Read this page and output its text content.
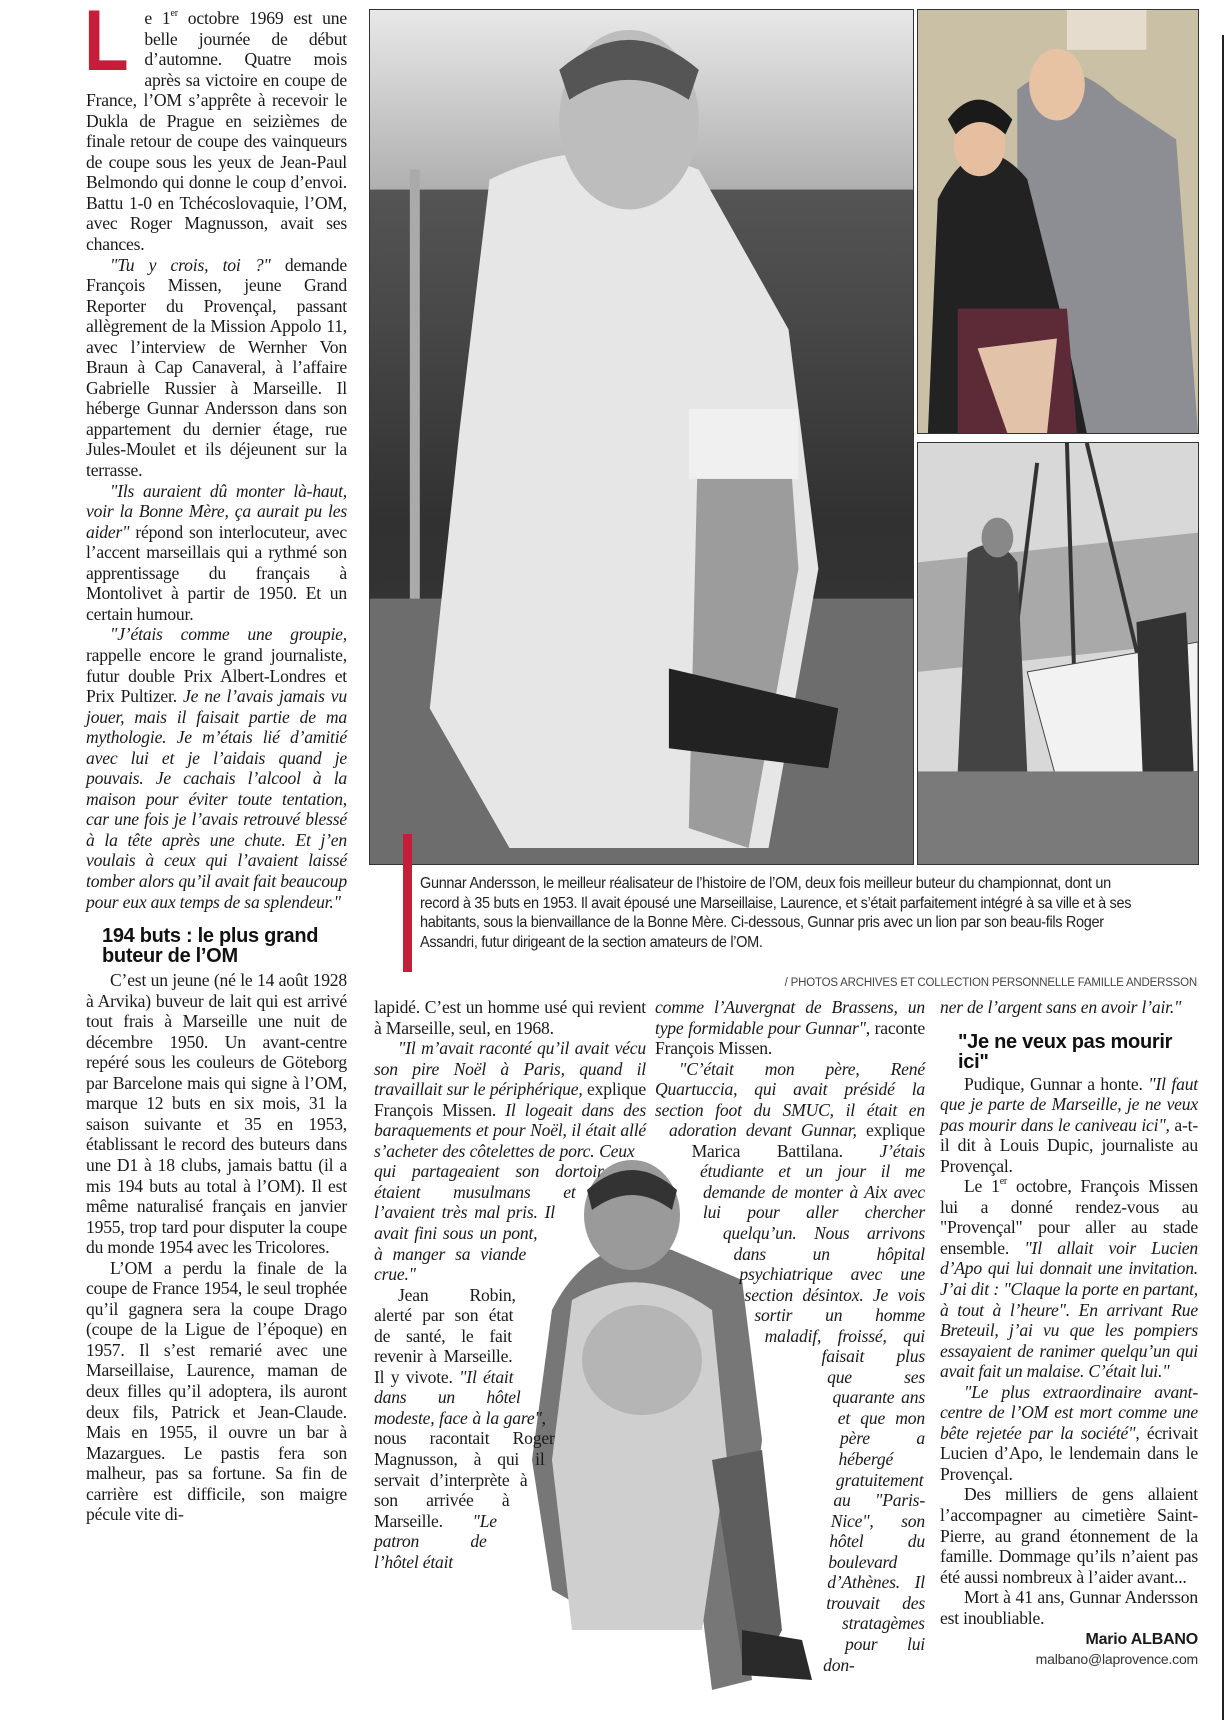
Le 1er octobre 1969 est une belle journée de début d’automne. Quatre mois après sa victoire en coupe de France, l’OM s’apprête à recevoir le Dukla de Prague en seizièmes de finale retour de coupe des vainqueurs de coupe sous les yeux de Jean-Paul Belmondo qui donne le coup d’envoi. Battu 1-0 en Tchécoslovaquie, l’OM, avec Roger Magnusson, avait ses chances.

"Tu y crois, toi ?" demande François Missen, jeune Grand Reporter du Provençal, passant allègrement de la Mission Appolo 11, avec l’interview de Wernher Von Braun à Cap Canaveral, à l’affaire Gabrielle Russier à Marseille. Il héberge Gunnar Andersson dans son appartement du dernier étage, rue Jules-Moulet et ils déjeunent sur la terrasse.

"Ils auraient dû monter là-haut, voir la Bonne Mère, ça aurait pu les aider" répond son interlocuteur, avec l’accent marseillais qui a rythmé son apprentissage du français à Montolivet à partir de 1950. Et un certain humour.

"J’étais comme une groupie, rappelle encore le grand journaliste, futur double Prix Albert-Londres et Prix Pultizer. Je ne l’avais jamais vu jouer, mais il faisait partie de ma mythologie. Je m’étais lié d’amitié avec lui et je l’aidais quand je pouvais. Je cachais l’alcool à la maison pour éviter toute tentation, car une fois je l’avais retrouvé blessé à la tête après une chute. Et j’en voulais à ceux qui l’avaient laissé tomber alors qu’il avait fait beaucoup pour eux aux temps de sa splendeur."

194 buts : le plus grand buteur de l’OM

C’est un jeune (né le 14 août 1928 à Arvika) buveur de lait qui est arrivé tout frais à Marseille une nuit de décembre 1950. Un avant-centre repéré sous les couleurs de Göteborg par Barcelone mais qui signe à l’OM, marque 12 buts en six mois, 31 la saison suivante et 35 en 1953, établissant le record des buteurs dans une D1 à 18 clubs, jamais battu (il a mis 194 buts au total à l’OM). Il est même naturalisé français en janvier 1955, trop tard pour disputer la coupe du monde 1954 avec les Tricolores.

L’OM a perdu la finale de la coupe de France 1954, le seul trophée qu’il gagnera sera la coupe Drago (coupe de la Ligue de l’époque) en 1957. Il s’est remarié avec une Marseillaise, Laurence, maman de deux filles qu’il adoptera, ils auront deux fils, Patrick et Jean-Claude. Mais en 1955, il ouvre un bar à Mazargues. Le pastis fera son malheur, pas sa fortune. Sa fin de carrière est difficile, son maigre pécule vite di-

Gunnar Andersson, le meilleur réalisateur de l’histoire de l’OM, deux fois meilleur buteur du championnat, dont un record à 35 buts en 1953. Il avait épousé une Marseillaise, Laurence, et s’était parfaitement intégré à sa ville et à ses habitants, sous la bienvaillance de la Bonne Mère. Ci-dessous, Gunnar pris avec un lion par son beau-fils Roger Assandri, futur dirigeant de la section amateurs de l’OM.
/ PHOTOS ARCHIVES ET COLLECTION PERSONNELLE FAMILLE ANDERSSON

lapidé. C’est un homme usé qui revient à Marseille, seul, en 1968.

"Il m’avait raconté qu’il avait vécu son pire Noël à Paris, quand il travaillait sur le périphérique, explique François Missen. Il logeait dans des baraquements et pour Noël, il était allé s’acheter des côtelettes de porc. Ceux qui partageaient son dortoir étaient musulmans et l’avaient très mal pris. Il avait fini sous un pont, à manger sa viande crue."

Jean Robin, alerté par son état de santé, le fait revenir à Marseille. Il y vivote. "Il était dans un hôtel modeste, face à la gare", nous racontait Roger Magnusson, à qui il servait d’interprète à son arrivée à Marseille. "Le patron de l’hôtel était

comme l’Auvergnat de Brassens, un type formidable pour Gunnar", raconte François Missen.

"C’était mon père, René Quartuccia, qui avait présidé la section foot du SMUC, il était en adoration devant Gunnar, explique Marica Battilana. J’étais étudiante et un jour il me demande de monter à Aix avec lui pour aller chercher quelqu’un. Nous arrivons dans un hôpital psychiatrique avec une section désintox. Je vois sortir un homme maladif, froissé, qui faisait plus que ses quarante ans et que mon père a hébergé gratuitement au "Paris-Nice", son hôtel du boulevard d’Athènes. Il trouvait des stratagèmes pour lui don-

ner de l’argent sans en avoir l’air."

"Je ne veux pas mourir ici"

Pudique, Gunnar a honte. "Il faut que je parte de Marseille, je ne veux pas mourir dans le caniveau ici", a-t-il dit à Louis Dupic, journaliste au Provençal.

Le 1er octobre, François Missen lui a donné rendez-vous au "Provençal" pour aller au stade ensemble. "Il allait voir Lucien d’Apo qui lui donnait une invitation. J’ai dit : "Claque la porte en partant, à tout à l’heure". En arrivant Rue Breteuil, j’ai vu que les pompiers essayaient de ranimer quelqu’un qui avait fait un malaise. C’était lui."

"Le plus extraordinaire avant-centre de l’OM est mort comme une bête rejetée par la société", écrivait Lucien d’Apo, le lendemain dans le Provençal.

Des milliers de gens allaient l’accompagner au cimetière Saint-Pierre, au grand étonnement de la famille. Dommage qu’ils n’aient pas été aussi nombreux à l’aider avant...

Mort à 41 ans, Gunnar Andersson est inoubliable.

Mario ALBANO
malbano@laprovence.com
